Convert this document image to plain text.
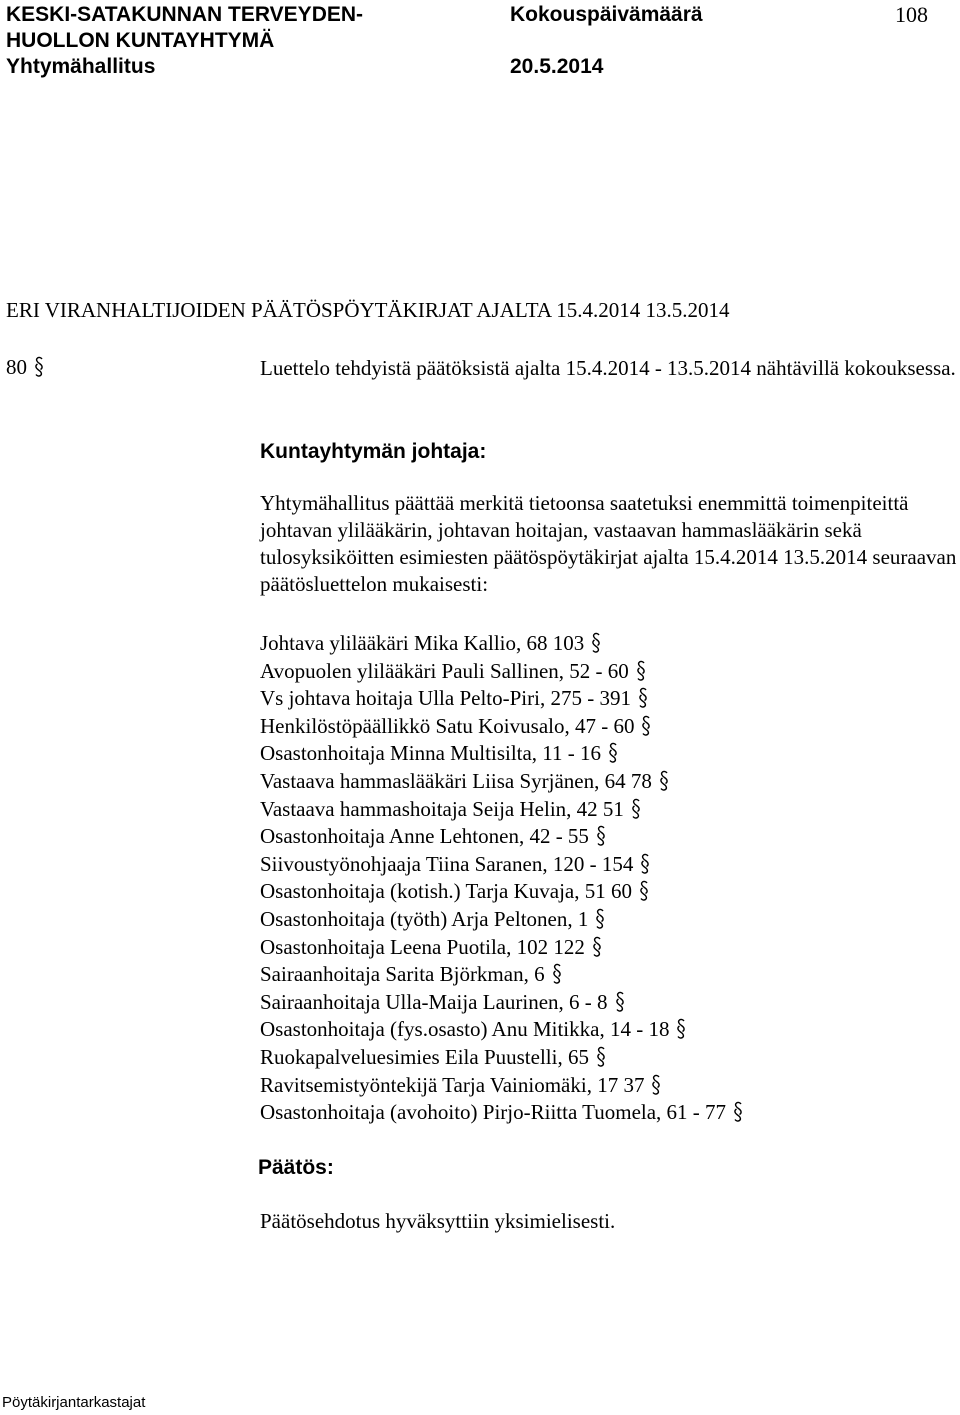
KESKI-SATAKUNNAN TERVEYDEN-
HUOLLON KUNTAYHTYMÄ
Yhtymähallitus
Kokouspäivämäärä
20.5.2014
108
ERI VIRANHALTIJOIDEN PÄÄTÖSPÖYTÄKIRJAT AJALTA 15.4.2014 13.5.2014
80	Luettelo tehdyistä päätöksistä ajalta 15.4.2014 - 13.5.2014 nähtävillä kokouksessa.
Kuntayhtymän johtaja:
Yhtymähallitus päättää merkitä tietoonsa saatetuksi enemmittä toimenpiteittä johtavan ylilääkärin, johtavan hoitajan, vastaavan hammaslääkärin sekä tulosyksiköitten esimiesten päätöspöytäkirjat ajalta 15.4.2014 13.5.2014 seuraavan päätösluettelon mukaisesti:
Johtava ylilääkäri Mika Kallio, 68 103
Avopuolen ylilääkäri Pauli Sallinen, 52 - 60
Vs johtava hoitaja Ulla Pelto-Piri, 275 - 391
Henkilöstöpäällikkö Satu Koivusalo, 47 - 60
Osastonhoitaja Minna Multisilta, 11 - 16
Vastaava hammaslääkäri Liisa Syrjänen, 64 78
Vastaava hammashoitaja Seija Helin, 42 51
Osastonhoitaja Anne Lehtonen, 42 - 55
Siivoustyönohjaaja Tiina Saranen, 120 - 154
Osastonhoitaja (kotish.) Tarja Kuvaja, 51 60
Osastonhoitaja (työth) Arja Peltonen, 1
Osastonhoitaja Leena Puotila, 102 122
Sairaanhoitaja Sarita Björkman, 6
Sairaanhoitaja Ulla-Maija Laurinen, 6 - 8
Osastonhoitaja (fys.osasto) Anu Mitikka, 14 - 18
Ruokapalveluesimies Eila Puustelli, 65
Ravitsemistyöntekijä Tarja Vainiomäki, 17 37
Osastonhoitaja (avohoito) Pirjo-Riitta Tuomela, 61 - 77
Päätös:
Päätösehdotus hyväksyttiin yksimielisesti.
Pöytäkirjantarkastajat
